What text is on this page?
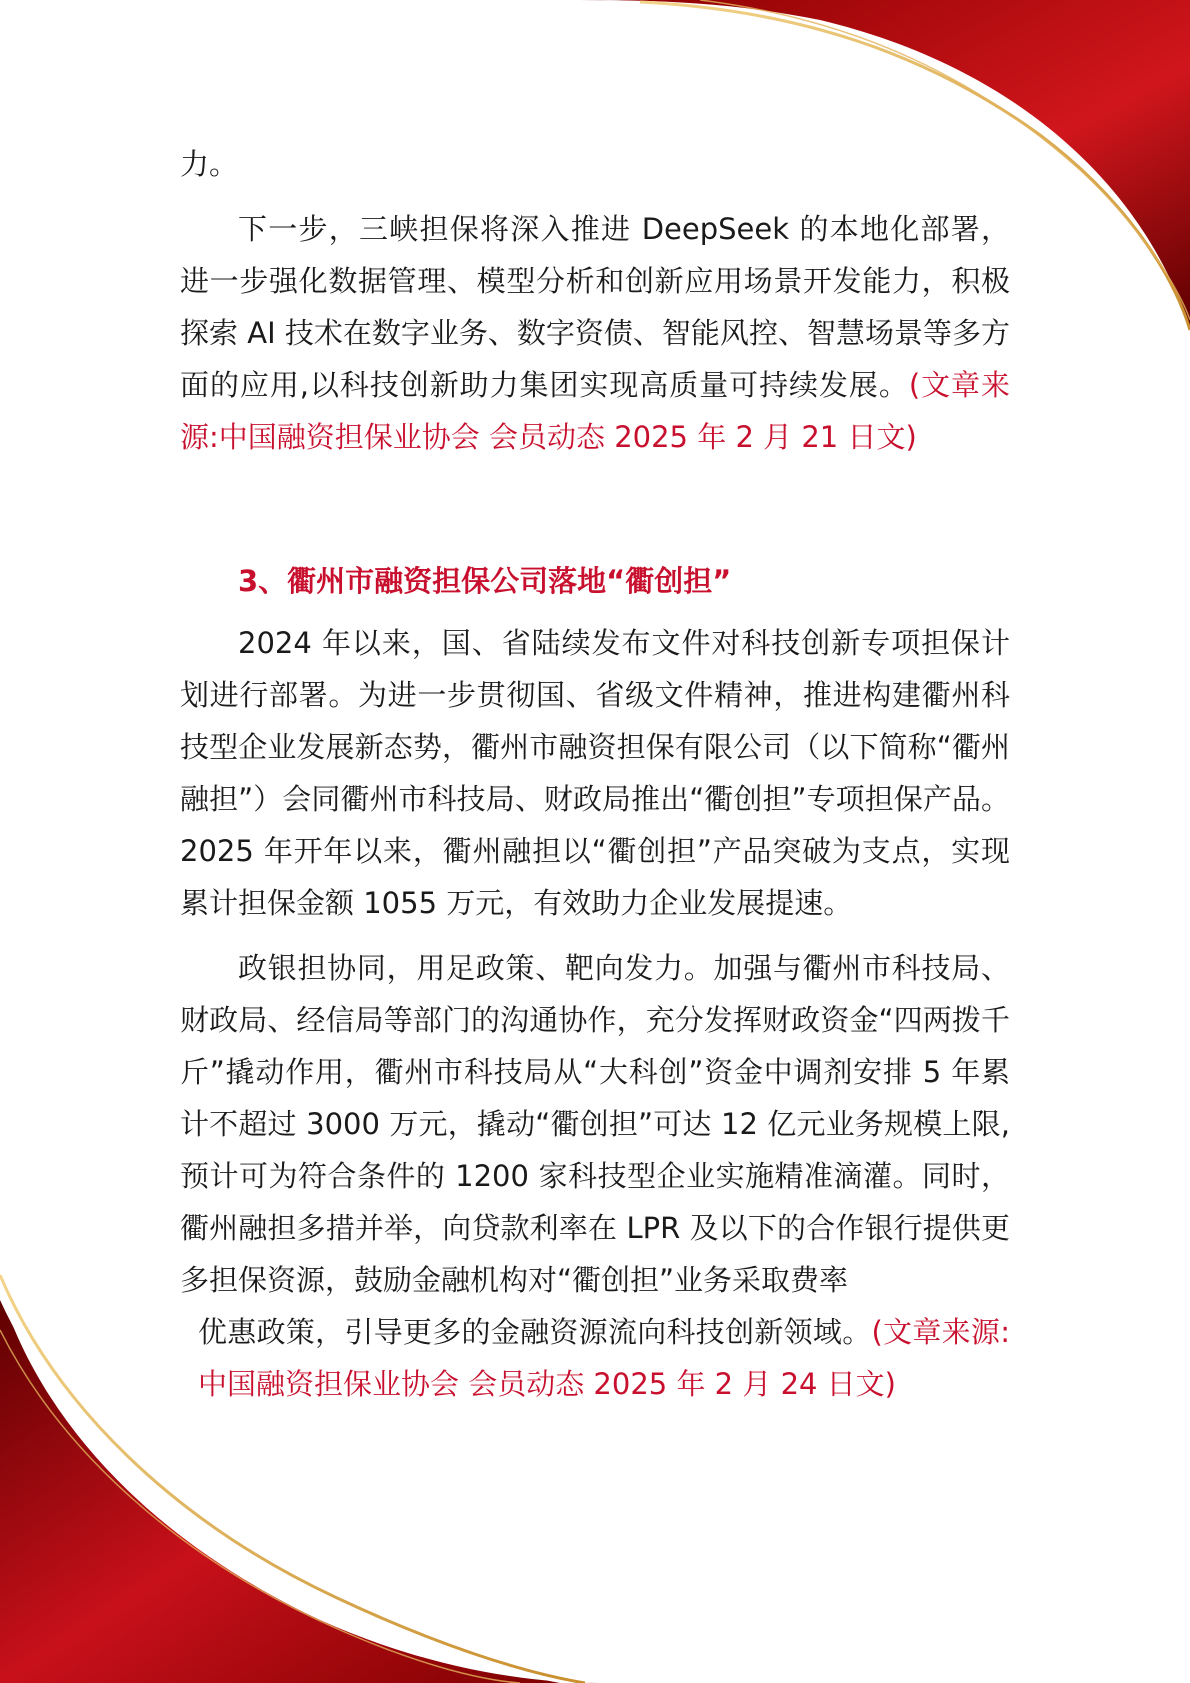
力。

下一步，三峡担保将深入推进 DeepSeek 的本地化部署，进一步强化数据管理、模型分析和创新应用场景开发能力，积极探索 AI 技术在数字业务、数字资债、智能风控、智慧场景等多方面的应用,以科技创新助力集团实现高质量可持续发展。(文章来源:中国融资担保业协会 会员动态 2025 年 2 月 21 日文)

3、衢州市融资担保公司落地“衢创担”

2024 年以来，国、省陆续发布文件对科技创新专项担保计划进行部署。为进一步贯彻国、省级文件精神，推进构建衢州科技型企业发展新态势，衢州市融资担保有限公司（以下简称“衢州融担”）会同衢州市科技局、财政局推出“衢创担”专项担保产品。2025 年开年以来，衢州融担以“衢创担”产品突破为支点，实现累计担保金额 1055 万元，有效助力企业发展提速。

政银担协同，用足政策、靶向发力。加强与衢州市科技局、财政局、经信局等部门的沟通协作，充分发挥财政资金“四两拨千斤”撬动作用，衢州市科技局从“大科创”资金中调剂安排 5 年累计不超过 3000 万元，撬动“衢创担”可达 12 亿元业务规模上限,预计可为符合条件的 1200 家科技型企业实施精准滴灌。同时，衢州融担多措并举，向贷款利率在 LPR 及以下的合作银行提供更多担保资源，鼓励金融机构对“衢创担”业务采取费率

优惠政策，引导更多的金融资源流向科技创新领域。(文章来源:中国融资担保业协会 会员动态 2025 年 2 月 24 日文)
